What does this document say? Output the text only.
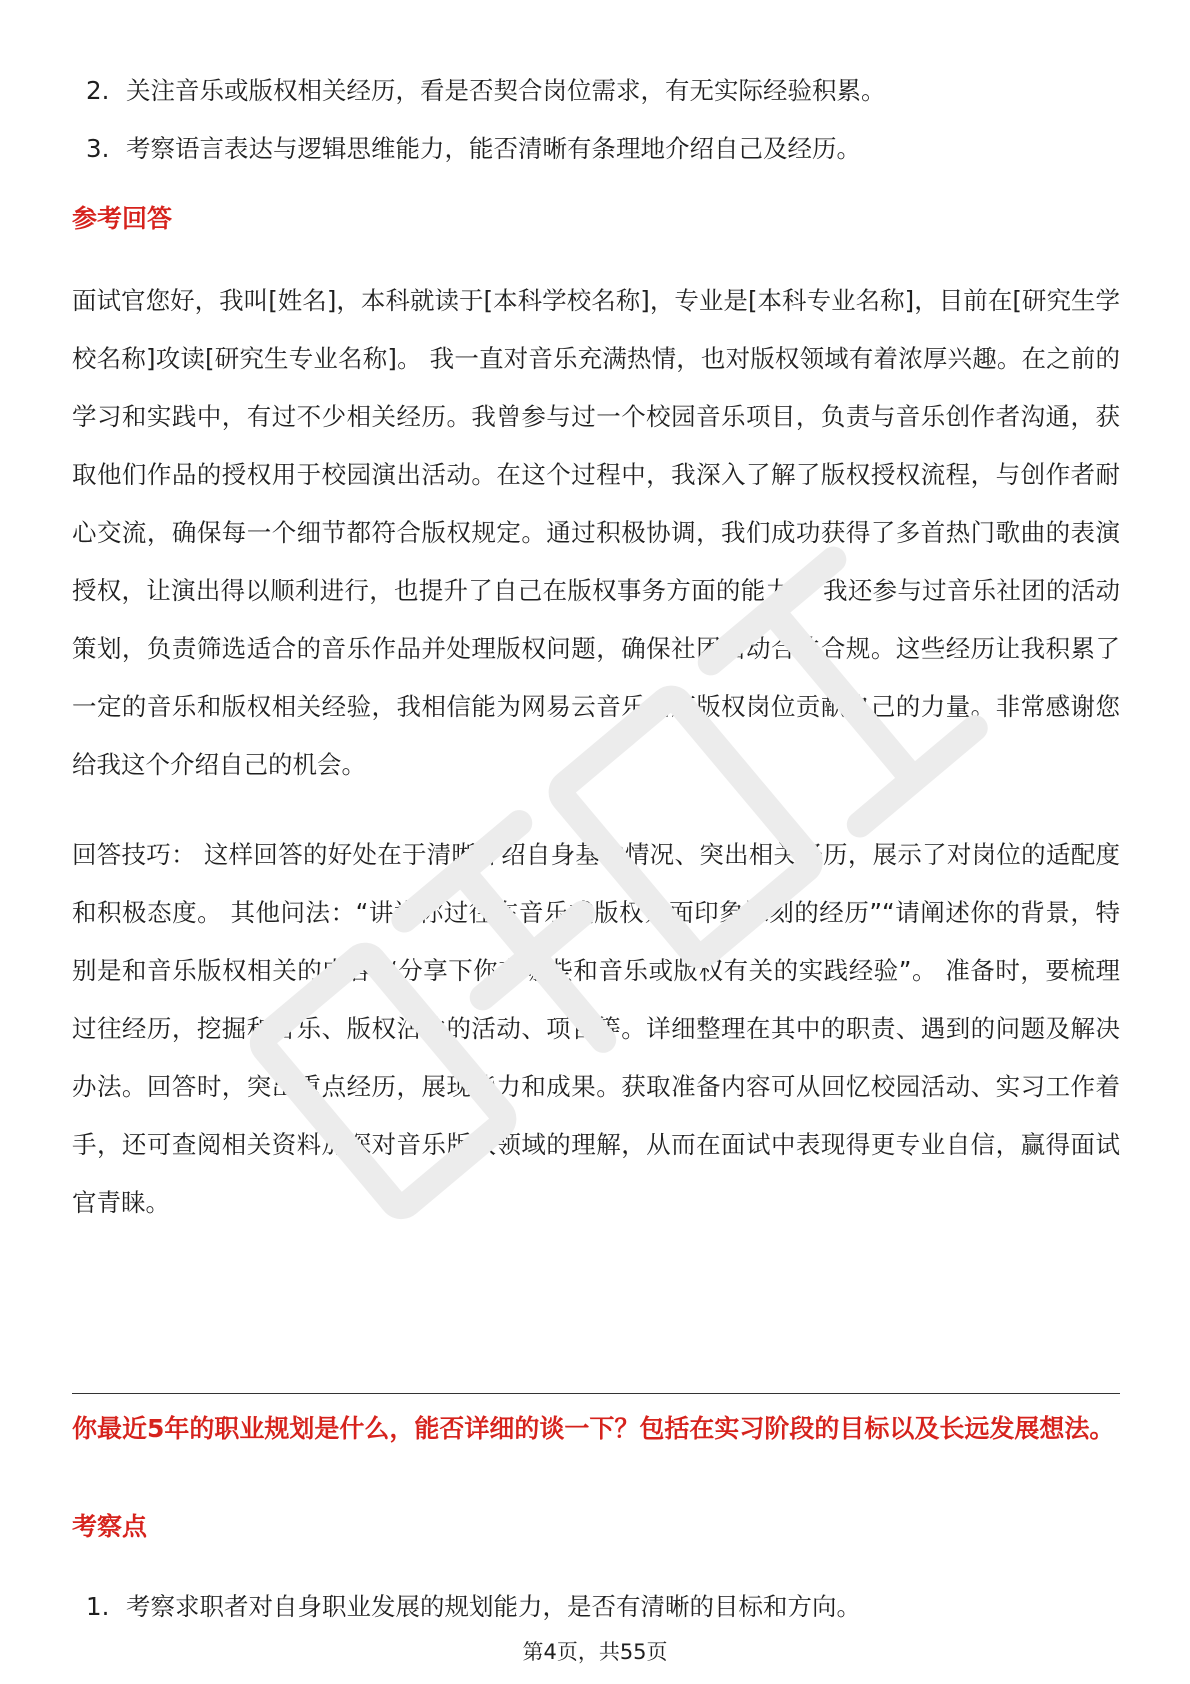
2. 关注音乐或版权相关经历，看是否契合岗位需求，有无实际经验积累。
3. 考察语言表达与逻辑思维能力，能否清晰有条理地介绍自己及经历。

参考回答

面试官您好，我叫[姓名]，本科就读于[本科学校名称]，专业是[本科专业名称]，目前在[研究生学校名称]攻读[研究生专业名称]。 我一直对音乐充满热情，也对版权领域有着浓厚兴趣。在之前的学习和实践中，有过不少相关经历。我曾参与过一个校园音乐项目，负责与音乐创作者沟通，获取他们作品的授权用于校园演出活动。在这个过程中，我深入了解了版权授权流程，与创作者耐心交流，确保每一个细节都符合版权规定。通过积极协调，我们成功获得了多首热门歌曲的表演授权，让演出得以顺利进行，也提升了自己在版权事务方面的能力。 我还参与过音乐社团的活动策划，负责筛选适合的音乐作品并处理版权问题，确保社团活动合法合规。这些经历让我积累了一定的音乐和版权相关经验，我相信能为网易云音乐曲库版权岗位贡献自己的力量。非常感谢您给我这个介绍自己的机会。

回答技巧： 这样回答的好处在于清晰介绍自身基本情况、突出相关经历，展示了对岗位的适配度和积极态度。 其他问法：“讲讲你过往在音乐或版权方面印象深刻的经历”“请阐述你的背景，特别是和音乐版权相关的内容”“分享下你有哪些和音乐或版权有关的实践经验”。 准备时，要梳理过往经历，挖掘和音乐、版权沾边的活动、项目等。详细整理在其中的职责、遇到的问题及解决办法。回答时，突出重点经历，展现能力和成果。获取准备内容可从回忆校园活动、实习工作着手，还可查阅相关资料加深对音乐版权领域的理解，从而在面试中表现得更专业自信，赢得面试官青睐。

你最近5年的职业规划是什么，能否详细的谈一下？包括在实习阶段的目标以及长远发展想法。

考察点

1. 考察求职者对自身职业发展的规划能力，是否有清晰的目标和方向。
第4页，共55页
